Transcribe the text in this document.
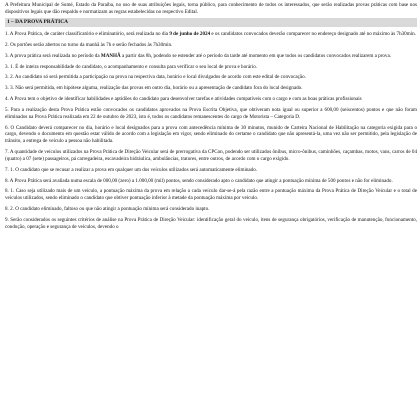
A Prefeitura Municipal de Sumé, Estado da Paraíba, no uso de suas atribuições legais, torna público, para conhecimento de todos os interessados, que serão realizadas provas práticas com base nos dispositivos legais que dão respaldo e normatizam as regras estabelecidas no respectivo Edital.

1 – DA PROVA PRÁTICA

1. A Prova Prática, de caráter classificatório e eliminatório, será realizada no dia 9 de junho de 2024 e os candidatos convocados deverão comparecer no endereço designado até no máximo às 7h30min.

2. Os portões serão abertos no turno da manhã às 7h e serão fechados às 7h30min.

3. A prova prática será realizada no período da MANHÃ a partir das 8h, podendo se estender até o período da tarde até momento em que todos os candidatos convocados realizarem a prova.

3. 1. É de inteira responsabilidade do candidato, o acompanhamento e consulta para verificar o seu local de prova e horário.

3. 2. Ao candidato só será permitida a participação na prova na respectiva data, horário e local divulgados de acordo com este edital de convocação.

3. 3. Não será permitida, em hipótese alguma, realização das provas em outro dia, horário ou a apresentação de candidato fora do local designado.

4. A Prova tem o objetivo de identificar habilidades e aptidões do candidato para desenvolver tarefas e atividades compatíveis com o cargo e com as boas práticas profissionais

5. Para a realização desta Prova Prática estão convocados os candidatos aprovados na Prova Escrita Objetiva, que obtiveram nota igual ou superior a 600,00 (seiscentos) pontos e que não foram eliminados na Prova Prática realizada em 22 de outubro de 2023, isto é, todos os candidatos remanescentes do cargo de Motorista – Categoria D.

6. O Candidato deverá comparecer no dia, horário e local designados para a prova com antecedência mínima de 30 minutos, munido de Carteira Nacional de Habilitação na categoria exigida para o cargo, devendo o documento em questão estar válido de acordo com a legislação em vigor, sendo eliminado do certame o candidato que não apresentá-la, uma vez não ser permitido, pela legislação de trânsito, a entrega de veículo a pessoa não habilitada.

7. A quantidade de veículos utilizados na Prova Prática de Direção Veicular será de prerrogativa da CPCon, podendo ser utilizados ônibus, micro-ônibus, caminhões, caçambas, motos, vans, carros de 04 (quatro) a 07 (sete) passageiros, pá carregadeira, escavadeira hidráulica, ambulâncias, tratores, entre outros, de acordo com o cargo exigido.

7. 1. O candidato que se recusar a realizar a prova em qualquer um dos veículos utilizados será automaticamente eliminado.

8. A Prova Prática será avaliada numa escala de 000,00 (zero) a 1.000,00 (mil) pontos, sendo considerado apto o candidato que atingir a pontuação mínima de 500 pontos e não for eliminado.

8. 1. Caso seja utilizado mais de um veículo, a pontuação máxima da prova em relação a cada veículo dar-se-á pela razão entre a pontuação máxima da Prova Prática de Direção Veicular e o total de veículos utilizados, sendo eliminado o candidato que obtiver pontuação inferior à metade da pontuação máxima por veículo.

8. 2. O candidato eliminado, faltoso ou que não atingir a pontuação mínima será considerado inapto.

9. Serão considerados os seguintes critérios de análise na Prova Prática de Direção Veicular: identificação geral do veículo, itens de segurança obrigatórios, verificação de manutenção, funcionamento, condução, operação e segurança de veículos, devendo o
